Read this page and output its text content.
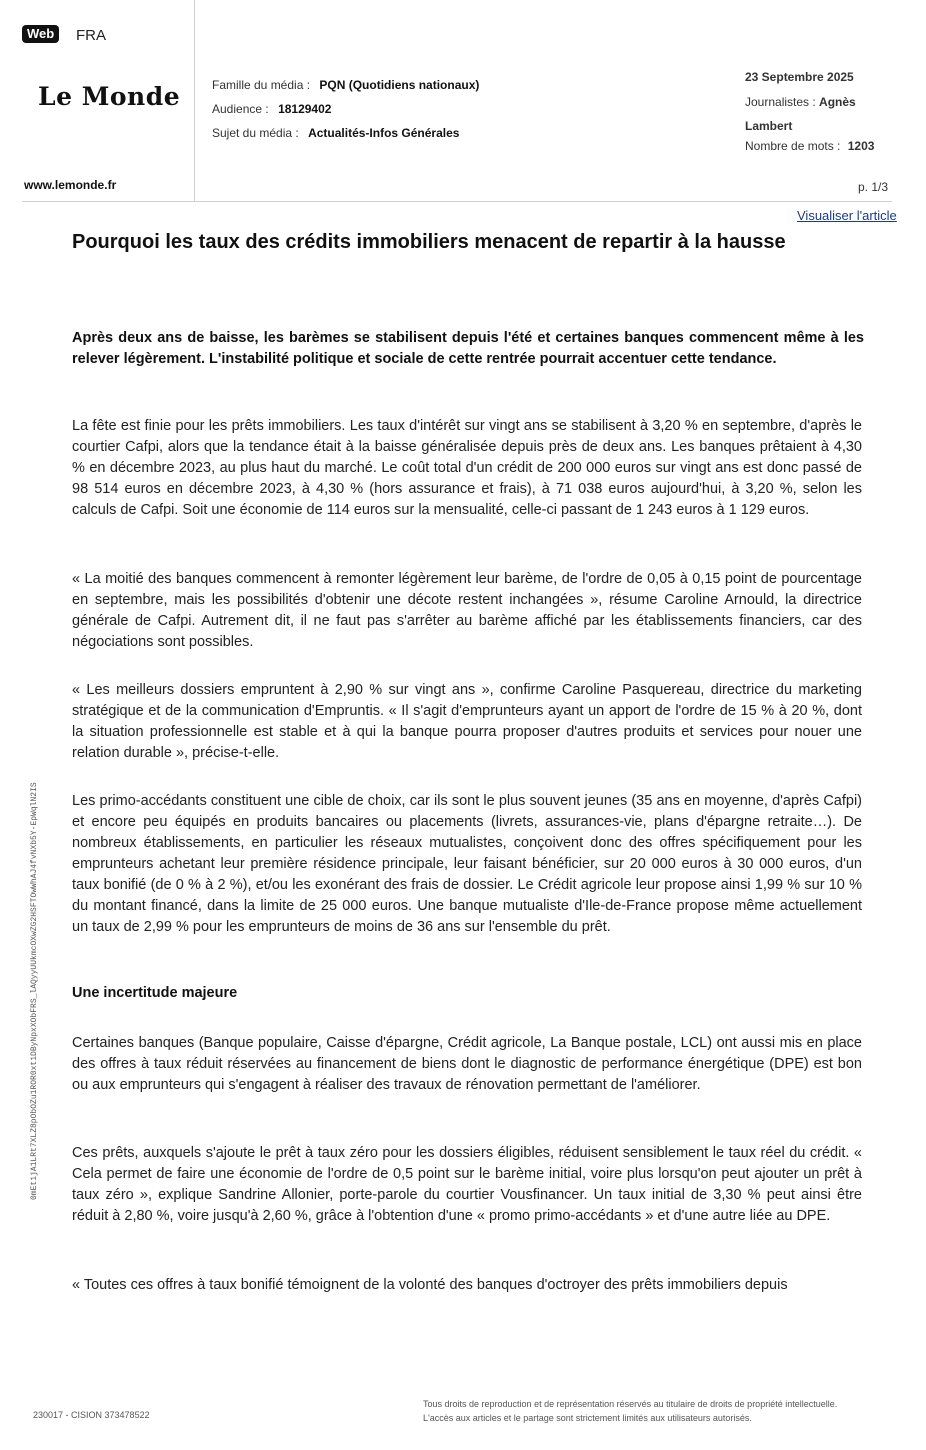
Web	FRA
Le Monde
www.lemonde.fr
Famille du média : PQN (Quotidiens nationaux)
Audience : 18129402
Sujet du média : Actualités-Infos Générales
23 Septembre 2025
Journalistes : Agnès
Lambert
Nombre de mots : 1203
p. 1/3
Visualiser l'article
Pourquoi les taux des crédits immobiliers menacent de repartir à la hausse
Après deux ans de baisse, les barèmes se stabilisent depuis l'été et certaines banques commencent même à les relever légèrement. L'instabilité politique et sociale de cette rentrée pourrait accentuer cette tendance.
La fête est finie pour les prêts immobiliers. Les taux d'intérêt sur vingt ans se stabilisent à 3,20 % en septembre, d'après le courtier Cafpi, alors que la tendance était à la baisse généralisée depuis près de deux ans. Les banques prêtaient à 4,30 % en décembre 2023, au plus haut du marché. Le coût total d'un crédit de 200 000 euros sur vingt ans est donc passé de 98 514 euros en décembre 2023, à 4,30 % (hors assurance et frais), à 71 038 euros aujourd'hui, à 3,20 %, selon les calculs de Cafpi. Soit une économie de 114 euros sur la mensualité, celle-ci passant de 1 243 euros à 1 129 euros.
« La moitié des banques commencent à remonter légèrement leur barème, de l'ordre de 0,05 à 0,15 point de pourcentage en septembre, mais les possibilités d'obtenir une décote restent inchangées », résume Caroline Arnould, la directrice générale de Cafpi. Autrement dit, il ne faut pas s'arrêter au barème affiché par les établissements financiers, car des négociations sont possibles.
« Les meilleurs dossiers empruntent à 2,90 % sur vingt ans », confirme Caroline Pasquereau, directrice du marketing stratégique et de la communication d'Empruntis. « Il s'agit d'emprunteurs ayant un apport de l'ordre de 15 % à 20 %, dont la situation professionnelle est stable et à qui la banque pourra proposer d'autres produits et services pour nouer une relation durable », précise-t-elle.
Les primo-accédants constituent une cible de choix, car ils sont le plus souvent jeunes (35 ans en moyenne, d'après Cafpi) et encore peu équipés en produits bancaires ou placements (livrets, assurances-vie, plans d'épargne retraite…). De nombreux établissements, en particulier les réseaux mutualistes, conçoivent donc des offres spécifiquement pour les emprunteurs achetant leur première résidence principale, leur faisant bénéficier, sur 20 000 euros à 30 000 euros, d'un taux bonifié (de 0 % à 2 %), et/ou les exonérant des frais de dossier. Le Crédit agricole leur propose ainsi 1,99 % sur 10 % du montant financé, dans la limite de 25 000 euros. Une banque mutualiste d'Ile-de-France propose même actuellement un taux de 2,99 % pour les emprunteurs de moins de 36 ans sur l'ensemble du prêt.
Une incertitude majeure
Certaines banques (Banque populaire, Caisse d'épargne, Crédit agricole, La Banque postale, LCL) ont aussi mis en place des offres à taux réduit réservées au financement de biens dont le diagnostic de performance énergétique (DPE) est bon ou aux emprunteurs qui s'engagent à réaliser des travaux de rénovation permettant de l'améliorer.
Ces prêts, auxquels s'ajoute le prêt à taux zéro pour les dossiers éligibles, réduisent sensiblement le taux réel du crédit. « Cela permet de faire une économie de l'ordre de 0,5 point sur le barème initial, voire plus lorsqu'on peut ajouter un prêt à taux zéro », explique Sandrine Allonier, porte-parole du courtier Vousfinancer. Un taux initial de 3,30 % peut ainsi être réduit à 2,80 %, voire jusqu'à 2,60 %, grâce à l'obtention d'une « promo primo-accédants » et d'une autre liée au DPE.
« Toutes ces offres à taux bonifié témoignent de la volonté des banques d'octroyer des prêts immobiliers depuis
0mEt1jA1LRt7XLZ8pObOZu1ROR0xt1DByNpxXObFRS_lAQyyUUkmcOXwZG2HSFTOwWhAJ4fvNXb5Y-EpWqlN2IS
230017 - CISION 373478522
Tous droits de reproduction et de représentation réservés au titulaire de droits de propriété intellectuelle.
L'accès aux articles et le partage sont strictement limités aux utilisateurs autorisés.
